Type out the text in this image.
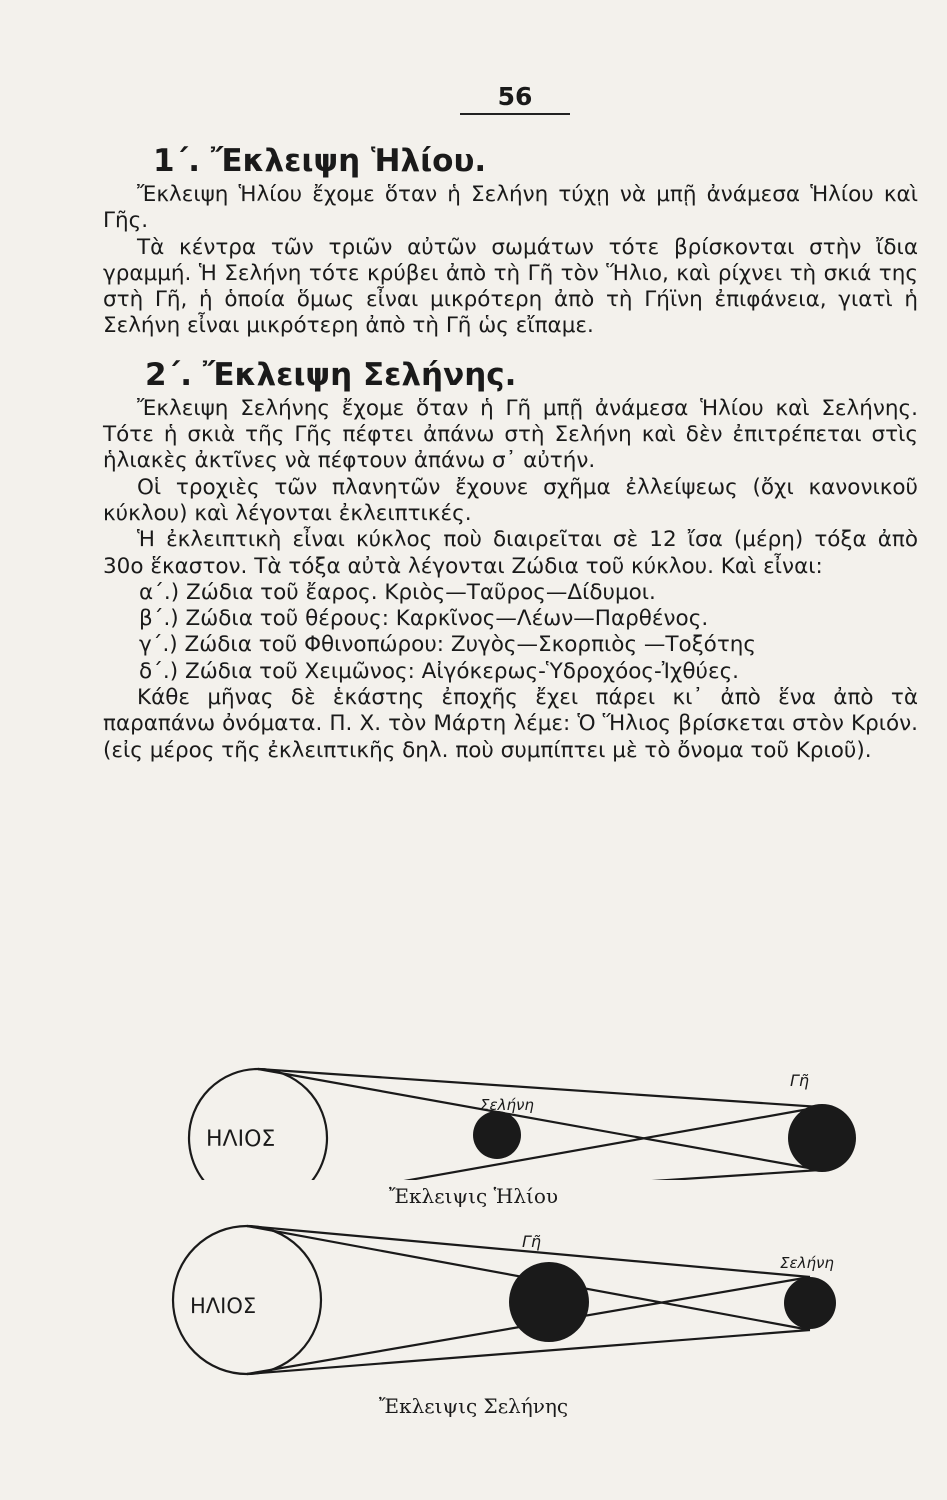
56
1΄. Ἔκλειψη Ἡλίου.

Ἔκλειψη Ἡλίου ἔχομε ὅταν ἡ Σελήνη τύχῃ νὰ μπῇ ἀνάμεσα Ἡλίου καὶ Γῆς.

Τὰ κέντρα τῶν τριῶν αὐτῶν σωμάτων τότε βρίσκονται στὴν ἴδια γραμμή. Ἡ Σελήνη τότε κρύβει ἀπὸ τὴ Γῆ τὸν Ἥλιο, καὶ ρίχνει τὴ σκιά της στὴ Γῆ, ἡ ὁποία ὅμως εἶναι μικρότερη ἀπὸ τὴ Γήϊνη ἐπιφάνεια, γιατὶ ἡ Σελήνη εἶναι μικρότερη ἀπὸ τὴ Γῆ ὡς εἴπαμε.

2΄. Ἔκλειψη Σελήνης.

Ἔκλειψη Σελήνης ἔχομε ὅταν ἡ Γῆ μπῇ ἀνάμεσα Ἡλίου καὶ Σελήνης. Τότε ἡ σκιὰ τῆς Γῆς πέφτει ἀπάνω στὴ Σελήνη καὶ δὲν ἐπιτρέπεται στὶς ἡλιακὲς ἀκτῖνες νὰ πέφτουν ἀπάνω σ᾽ αὐτήν.

Οἱ τροχιὲς τῶν πλανητῶν ἔχουνε σχῆμα ἐλλείψεως (ὄχι κανονικοῦ κύκλου) καὶ λέγονται ἐκλειπτικές.

Ἡ ἐκλειπτικὴ εἶναι κύκλος ποὺ διαιρεῖται σὲ 12 ἴσα (μέρη) τόξα ἀπὸ 30ο ἕκαστον. Τὰ τόξα αὐτὰ λέγονται Ζώδια τοῦ κύκλου. Καὶ εἶναι:

α΄.) Ζώδια τοῦ ἔαρος. Κριὸς—Ταῦρος—Δίδυμοι.

β΄.) Ζώδια τοῦ θέρους: Καρκῖνος—Λέων—Παρθένος.

γ΄.) Ζώδια τοῦ Φθινοπώρου: Ζυγὸς—Σκορπιὸς —Τοξότης

δ΄.) Ζώδια τοῦ Χειμῶνος: Αἰγόκερως-Ὑδροχόος-Ἰχθύες.

Κάθε μῆνας δὲ ἑκάστης ἐποχῆς ἔχει πάρει κι᾽ ἀπὸ ἕνα ἀπὸ τὰ παραπάνω ὀνόματα. Π. Χ. τὸν Μάρτη λέμε: Ὁ Ἥλιος βρίσκεται στὸν Κριόν. (εἰς μέρος τῆς ἐκλειπτικῆς δηλ. ποὺ συμπίπτει μὲ τὸ ὄνομα τοῦ Κριοῦ).

ΗΛΙΟΣ
Σελήνη
Γῆ
Ἔκλειψις Ἡλίου
ΗΛΙΟΣ
Γῆ
Σελήνη
Ἔκλειψις Σελήνης
